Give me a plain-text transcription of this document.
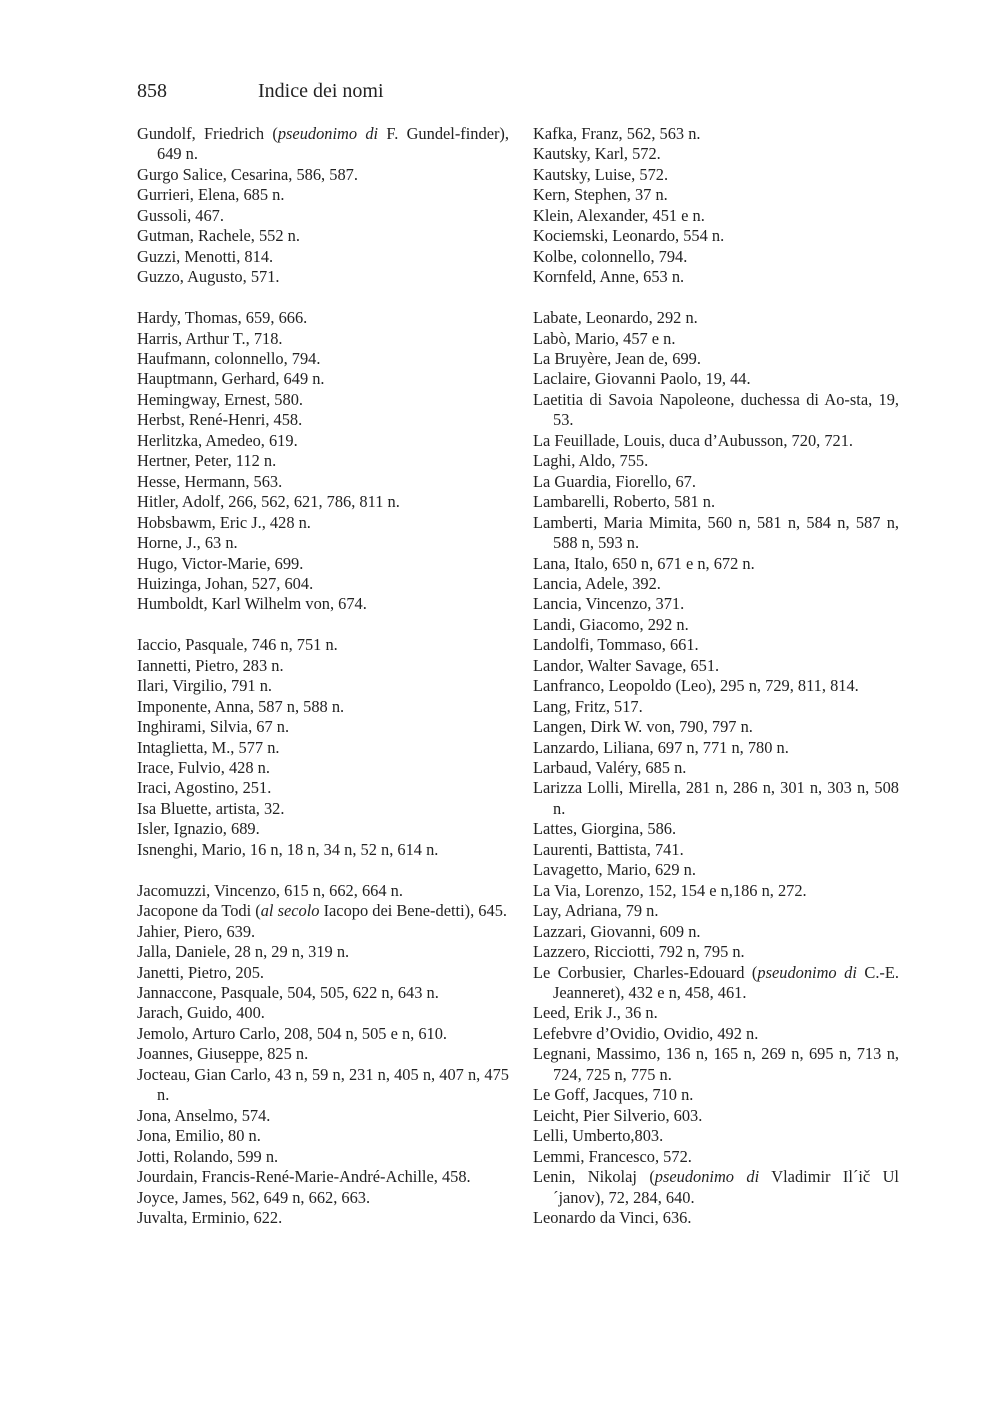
858	Indice dei nomi
Gundolf, Friedrich (pseudonimo di F. Gundel-finder), 649 n.
Gurgo Salice, Cesarina, 586, 587.
Gurrieri, Elena, 685 n.
Gussoli, 467.
Gutman, Rachele, 552 n.
Guzzi, Menotti, 814.
Guzzo, Augusto, 571.
Hardy, Thomas, 659, 666.
Harris, Arthur T., 718.
Haufmann, colonnello, 794.
Hauptmann, Gerhard, 649 n.
Hemingway, Ernest, 580.
Herbst, René-Henri, 458.
Herlitzka, Amedeo, 619.
Hertner, Peter, 112 n.
Hesse, Hermann, 563.
Hitler, Adolf, 266, 562, 621, 786, 811 n.
Hobsbawm, Eric J., 428 n.
Horne, J., 63 n.
Hugo, Victor-Marie, 699.
Huizinga, Johan, 527, 604.
Humboldt, Karl Wilhelm von, 674.
Iaccio, Pasquale, 746 n, 751 n.
Iannetti, Pietro, 283 n.
Ilari, Virgilio, 791 n.
Imponente, Anna, 587 n, 588 n.
Inghirami, Silvia, 67 n.
Intaglietta, M., 577 n.
Irace, Fulvio, 428 n.
Iraci, Agostino, 251.
Isa Bluette, artista, 32.
Isler, Ignazio, 689.
Isnenghi, Mario, 16 n, 18 n, 34 n, 52 n, 614 n.
Jacomuzzi, Vincenzo, 615 n, 662, 664 n.
Jacopone da Todi (al secolo Iacopo dei Bene-detti), 645.
Jahier, Piero, 639.
Jalla, Daniele, 28 n, 29 n, 319 n.
Janetti, Pietro, 205.
Jannaccone, Pasquale, 504, 505, 622 n, 643 n.
Jarach, Guido, 400.
Jemolo, Arturo Carlo, 208, 504 n, 505 e n, 610.
Joannes, Giuseppe, 825 n.
Jocteau, Gian Carlo, 43 n, 59 n, 231 n, 405 n, 407 n, 475 n.
Jona, Anselmo, 574.
Jona, Emilio, 80 n.
Jotti, Rolando, 599 n.
Jourdain, Francis-René-Marie-André-Achille, 458.
Joyce, James, 562, 649 n, 662, 663.
Juvalta, Erminio, 622.
Kafka, Franz, 562, 563 n.
Kautsky, Karl, 572.
Kautsky, Luise, 572.
Kern, Stephen, 37 n.
Klein, Alexander, 451 e n.
Kociemski, Leonardo, 554 n.
Kolbe, colonnello, 794.
Kornfeld, Anne, 653 n.
Labate, Leonardo, 292 n.
Labò, Mario, 457 e n.
La Bruyère, Jean de, 699.
Laclaire, Giovanni Paolo, 19, 44.
Laetitia di Savoia Napoleone, duchessa di Ao-sta, 19, 53.
La Feuillade, Louis, duca d’Aubusson, 720, 721.
Laghi, Aldo, 755.
La Guardia, Fiorello, 67.
Lambarelli, Roberto, 581 n.
Lamberti, Maria Mimita, 560 n, 581 n, 584 n, 587 n, 588 n, 593 n.
Lana, Italo, 650 n, 671 e n, 672 n.
Lancia, Adele, 392.
Lancia, Vincenzo, 371.
Landi, Giacomo, 292 n.
Landolfi, Tommaso, 661.
Landor, Walter Savage, 651.
Lanfranco, Leopoldo (Leo), 295 n, 729, 811, 814.
Lang, Fritz, 517.
Langen, Dirk W. von, 790, 797 n.
Lanzardo, Liliana, 697 n, 771 n, 780 n.
Larbaud, Valéry, 685 n.
Larizza Lolli, Mirella, 281 n, 286 n, 301 n, 303 n, 508 n.
Lattes, Giorgina, 586.
Laurenti, Battista, 741.
Lavagetto, Mario, 629 n.
La Via, Lorenzo, 152, 154 e n,186 n, 272.
Lay, Adriana, 79 n.
Lazzari, Giovanni, 609 n.
Lazzero, Ricciotti, 792 n, 795 n.
Le Corbusier, Charles-Edouard (pseudonimo di C.-E. Jeanneret), 432 e n, 458, 461.
Leed, Erik J., 36 n.
Lefebvre d’Ovidio, Ovidio, 492 n.
Legnani, Massimo, 136 n, 165 n, 269 n, 695 n, 713 n, 724, 725 n, 775 n.
Le Goff, Jacques, 710 n.
Leicht, Pier Silverio, 603.
Lelli, Umberto,803.
Lemmi, Francesco, 572.
Lenin, Nikolaj (pseudonimo di Vladimir Il´ič Ul´janov), 72, 284, 640.
Leonardo da Vinci, 636.
